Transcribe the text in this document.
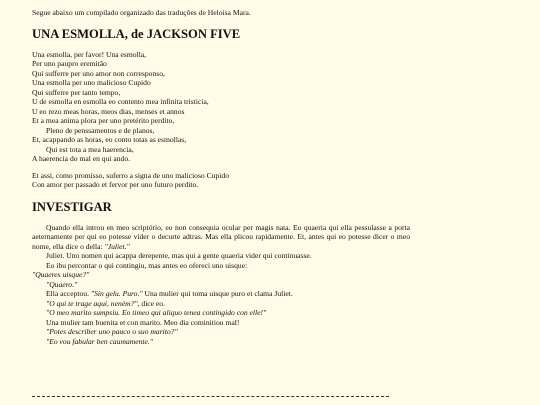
Segue abaixo um compilado organizado das traduções de Heloísa Mara.
UNA ESMOLLA, de JACKSON FIVE
Una esmolla, per favor! Una esmolla,
Per uno paupro eremitão
Qui sufferre per uno amor non corresponso,
Una esmolla per uno malicioso Cupido
Qui sufferre per tanto tempo,
U de esmolla en esmolla eo contento mea infinita tristicia,
U eo rezo meas horas, meos dias, menses et annos
Et a mea anima plora per uno pretérito perdito,
Pleno de penssamentos e de planos,
Et, acappando as horas, eo conto totas as esmollas,
Qui est tota a mea haerencia,
A haerencia do mal en qui ando.
Et assi, como promisso, suferro a signa de uno malicioso Cupido
Con amor per passado et fervor per uno futuro perdito.
INVESTIGAR
Quando ella introu en meo scriptório, eo non consequia ocular per magis nata. Eo quaeria qui ella pessulasse a porta aeternamente per qui eo potesse vider o decurte adtras. Mas ella plicou rapidamente. Et, antes qui eo potesse dicer o meo nome, ella dice o della: "Juliet."
Juliet. Uno nomen qui acappa derepente, mas qui a gente quaeria vider qui continuasse.
Eo ibu percontar o qui contingiu, mas antes eo ofereci uno uisque:
"Quaeres uisque?"
"Quaero."
Ella acceptou. "Sin gelu. Puro." Una mulier qui toma uisque puro et clama Juliet.
"O qui te trage aqui, neném?", dice eo.
"O meo marito sumpsiu. Eo timeo qui aliquo tenea contingido con elle!"
Una mulier tam buenita et con marito. Meo dia cominitiou mal!
"Potes describer uno pauco o suo marito?"
"Eo vou fabular ben caumamente."
